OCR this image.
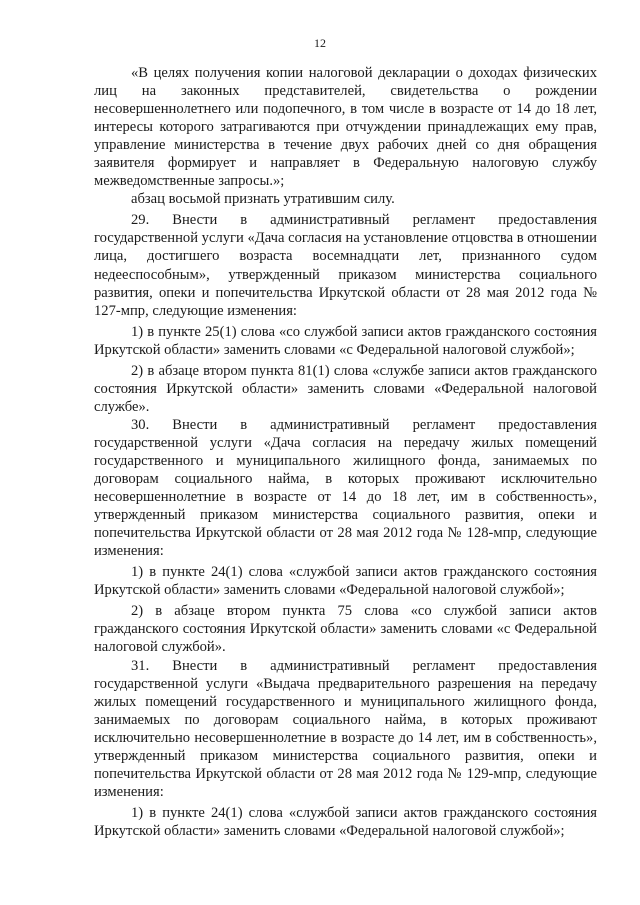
12

«В целях получения копии налоговой декларации о доходах физических лиц на законных представителей, свидетельства о рождении несовершеннолетнего или подопечного, в том числе в возрасте от 14 до 18 лет, интересы которого затрагиваются при отчуждении принадлежащих ему прав, управление министерства в течение двух рабочих дней со дня обращения заявителя формирует и направляет в Федеральную налоговую службу межведомственные запросы.»;

абзац восьмой признать утратившим силу.

29. Внести в административный регламент предоставления государственной услуги «Дача согласия на установление отцовства в отношении лица, достигшего возраста восемнадцати лет, признанного судом недееспособным», утвержденный приказом министерства социального развития, опеки и попечительства Иркутской области от 28 мая 2012 года № 127-мпр, следующие изменения:

1) в пункте 25(1) слова «со службой записи актов гражданского состояния Иркутской области» заменить словами «с Федеральной налоговой службой»;

2) в абзаце втором пункта 81(1) слова «службе записи актов гражданского состояния Иркутской области» заменить словами «Федеральной налоговой службе».

30. Внести в административный регламент предоставления государственной услуги «Дача согласия на передачу жилых помещений государственного и муниципального жилищного фонда, занимаемых по договорам социального найма, в которых проживают исключительно несовершеннолетние в возрасте от 14 до 18 лет, им в собственность», утвержденный приказом министерства социального развития, опеки и попечительства Иркутской области от 28 мая 2012 года № 128-мпр, следующие изменения:

1) в пункте 24(1) слова «службой записи актов гражданского состояния Иркутской области» заменить словами «Федеральной налоговой службой»;

2) в абзаце втором пункта 75 слова «со службой записи актов гражданского состояния Иркутской области» заменить словами «с Федеральной налоговой службой».

31. Внести в административный регламент предоставления государственной услуги «Выдача предварительного разрешения на передачу жилых помещений государственного и муниципального жилищного фонда, занимаемых по договорам социального найма, в которых проживают исключительно несовершеннолетние в возрасте до 14 лет, им в собственность», утвержденный приказом министерства социального развития, опеки и попечительства Иркутской области от 28 мая 2012 года № 129-мпр, следующие изменения:

1) в пункте 24(1) слова «службой записи актов гражданского состояния Иркутской области» заменить словами «Федеральной налоговой службой»;
